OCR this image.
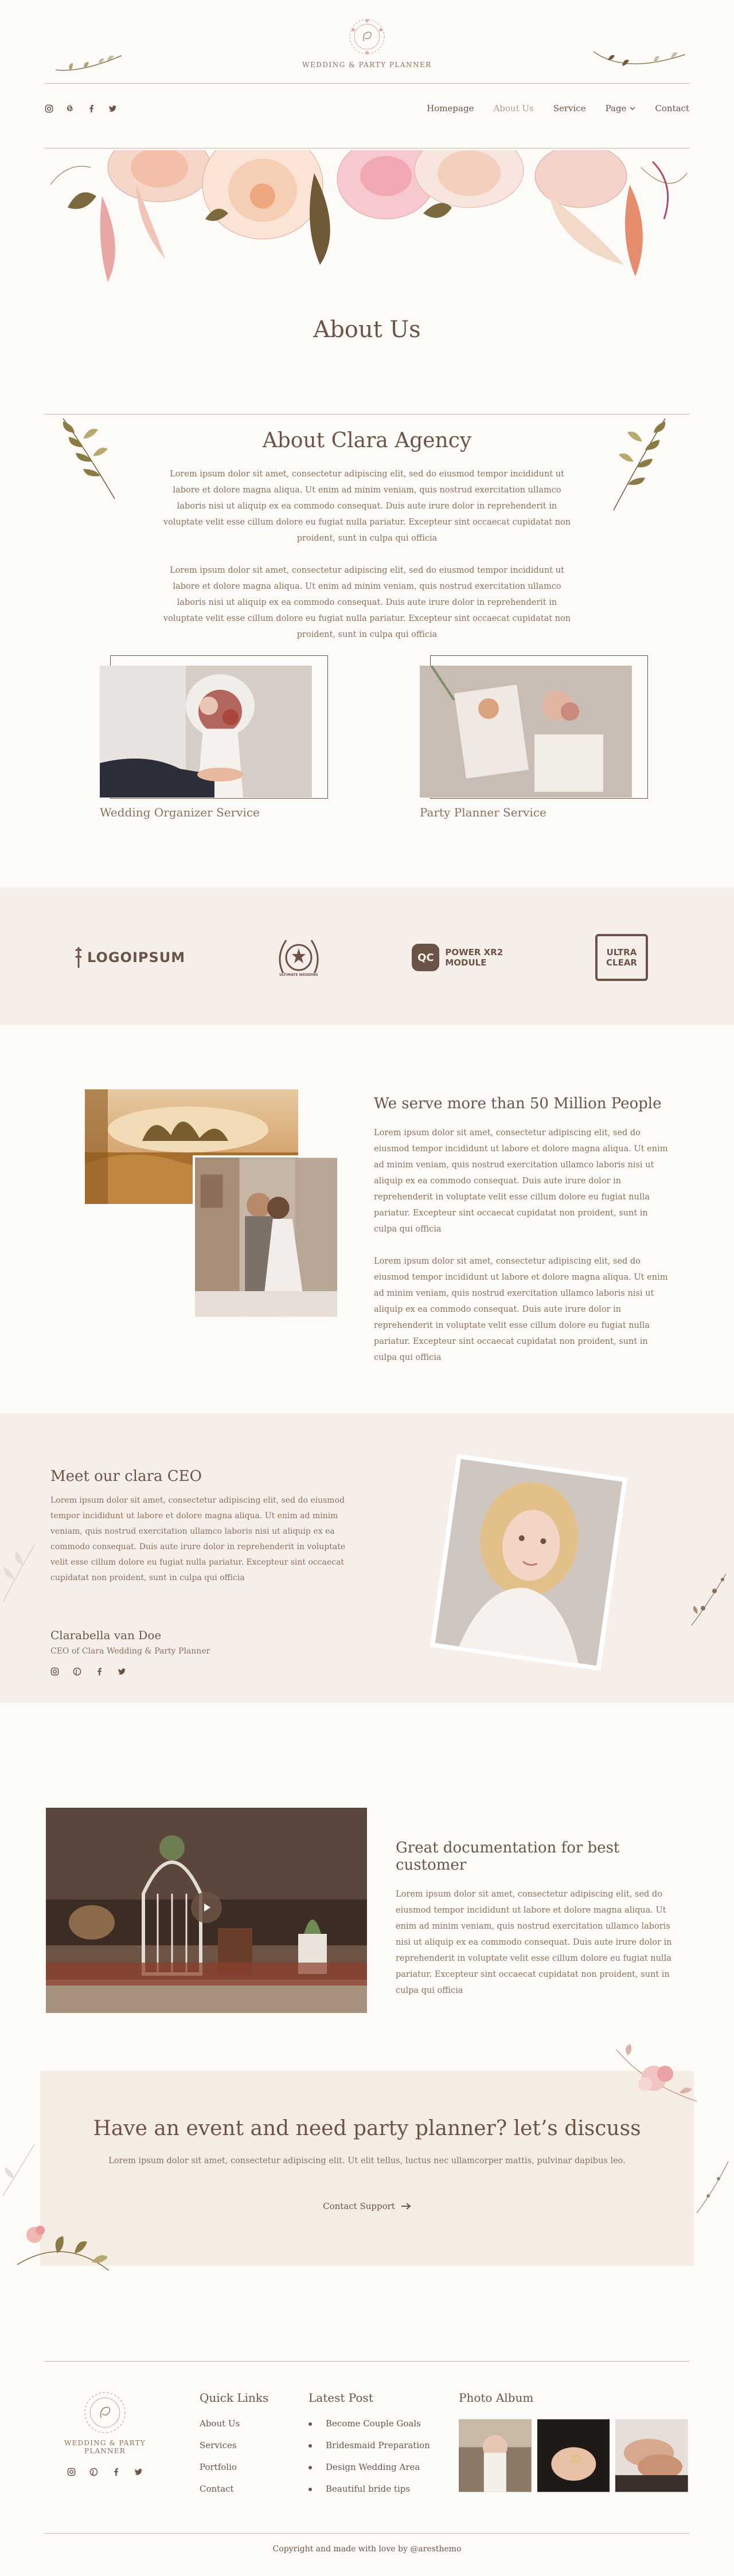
WEDDING & PARTY PLANNER
Homepage About Us Service Page	Contact
About Us
About Clara Agency

Lorem ipsum dolor sit amet, consectetur adipiscing elit, sed do eiusmod tempor incididunt ut labore et dolore magna aliqua. Ut enim ad minim veniam, quis nostrud exercitation ullamco laboris nisi ut aliquip ex ea commodo consequat. Duis aute irure dolor in reprehenderit in voluptate velit esse cillum dolore eu fugiat nulla pariatur. Excepteur sint occaecat cupidatat non proident, sunt in culpa qui officia

Lorem ipsum dolor sit amet, consectetur adipiscing elit, sed do eiusmod tempor incididunt ut labore et dolore magna aliqua. Ut enim ad minim veniam, quis nostrud exercitation ullamco laboris nisi ut aliquip ex ea commodo consequat. Duis aute irure dolor in reprehenderit in voluptate velit esse cillum dolore eu fugiat nulla pariatur. Excepteur sint occaecat cupidatat non proident, sunt in culpa qui officia

Wedding Organizer Service	Party Planner Service
LOGOIPSUM
ULTIMATE WEDDING
QC	POWER XR2 MODULE
ULTRA CLEAR
We serve more than 50 Million People

Lorem ipsum dolor sit amet, consectetur adipiscing elit, sed do eiusmod tempor incididunt ut labore et dolore magna aliqua. Ut enim ad minim veniam, quis nostrud exercitation ullamco laboris nisi ut aliquip ex ea commodo consequat. Duis aute irure dolor in reprehenderit in voluptate velit esse cillum dolore eu fugiat nulla pariatur. Excepteur sint occaecat cupidatat non proident, sunt in culpa qui officia

Lorem ipsum dolor sit amet, consectetur adipiscing elit, sed do eiusmod tempor incididunt ut labore et dolore magna aliqua. Ut enim ad minim veniam, quis nostrud exercitation ullamco laboris nisi ut aliquip ex ea commodo consequat. Duis aute irure dolor in reprehenderit in voluptate velit esse cillum dolore eu fugiat nulla pariatur. Excepteur sint occaecat cupidatat non proident, sunt in culpa qui officia

Meet our clara CEO

Lorem ipsum dolor sit amet, consectetur adipiscing elit, sed do eiusmod tempor incididunt ut labore et dolore magna aliqua. Ut enim ad minim veniam, quis nostrud exercitation ullamco laboris nisi ut aliquip ex ea commodo consequat. Duis aute irure dolor in reprehenderit in voluptate velit esse cillum dolore eu fugiat nulla pariatur. Excepteur sint occaecat cupidatat non proident, sunt in culpa qui officia

Clarabella van Doe
CEO of Clara Wedding & Party Planner
Great documentation for best customer

Lorem ipsum dolor sit amet, consectetur adipiscing elit, sed do eiusmod tempor incididunt ut labore et dolore magna aliqua. Ut enim ad minim veniam, quis nostrud exercitation ullamco laboris nisi ut aliquip ex ea commodo consequat. Duis aute irure dolor in reprehenderit in voluptate velit esse cillum dolore eu fugiat nulla pariatur. Excepteur sint occaecat cupidatat non proident, sunt in culpa qui officia

Have an event and need party planner? let’s discuss

Lorem ipsum dolor sit amet, consectetur adipiscing elit. Ut elit tellus, luctus nec ullamcorper mattis, pulvinar dapibus leo.

Contact Support
WEDDING & PARTY PLANNER
Quick Links
About Us
Services
Portfolio
Contact
Latest Post
Become Couple Goals
Bridesmaid Preparation
Design Wedding Area
Beautiful bride tips
Photo Album
Copyright and made with love by @aresthemo
